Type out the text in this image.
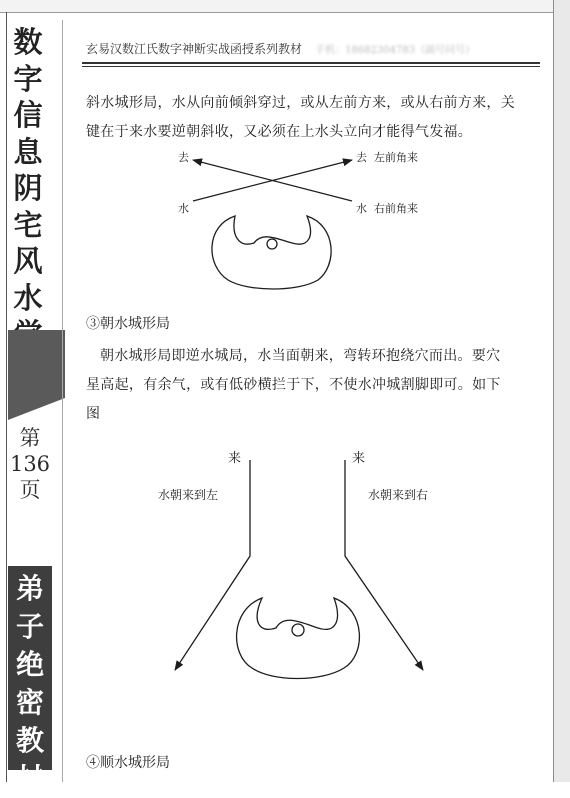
数
字
信
息
阴
宅
风
水
第
136
页
弟
子
绝
密
教
材
玄易汉数江氏数字神断实战函授系列教材 手机：18682304783（副号同号）
斜水城形局，水从向前倾斜穿过，或从左前方来，或从右前方来，关键在于来水要逆朝斜收，又必须在上水头立向才能得气发福。
去	去 左前角来
水	水 右前角来
来	来
水朝来到左	水朝来到右
③朝水城形局
朝水城形局即逆水城局，水当面朝来，弯转环抱绕穴而出。要穴星高起，有余气，或有低砂横拦于下，不使水冲城割脚即可。如下图
④顺水城形局
